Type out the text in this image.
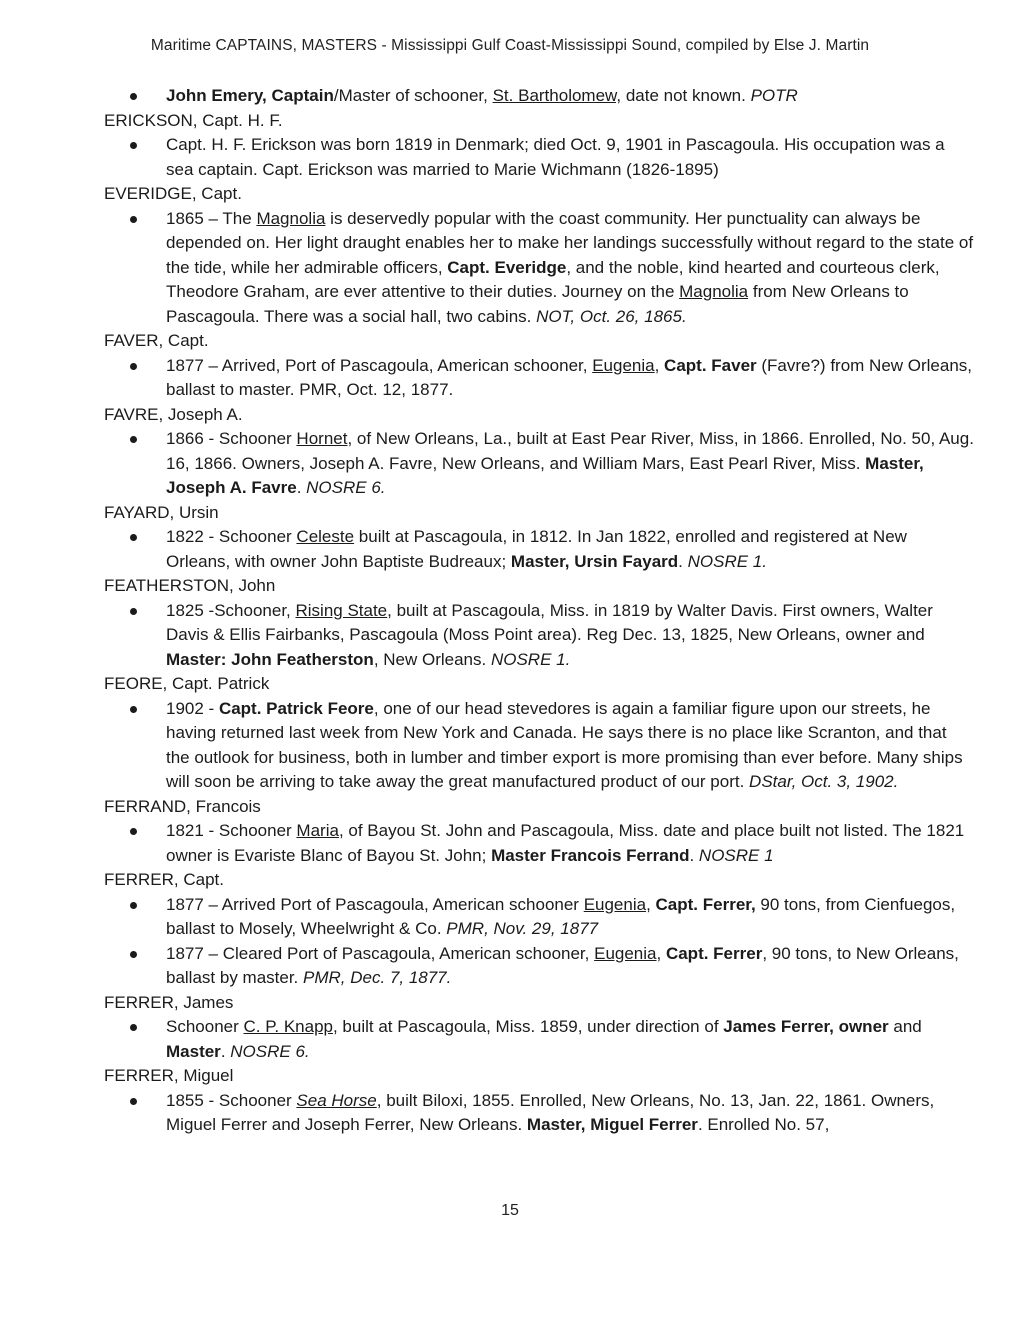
Maritime CAPTAINS, MASTERS - Mississippi Gulf Coast-Mississippi Sound, compiled by Else J. Martin
John Emery, Captain/Master of schooner, St. Bartholomew, date not known. POTR
ERICKSON, Capt. H. F.
Capt. H. F. Erickson was born 1819 in Denmark; died Oct. 9, 1901 in Pascagoula. His occupation was a sea captain. Capt. Erickson was married to Marie Wichmann (1826-1895)
EVERIDGE, Capt.
1865 – The Magnolia is deservedly popular with the coast community. Her punctuality can always be depended on. Her light draught enables her to make her landings successfully without regard to the state of the tide, while her admirable officers, Capt. Everidge, and the noble, kind hearted and courteous clerk, Theodore Graham, are ever attentive to their duties. Journey on the Magnolia from New Orleans to Pascagoula. There was a social hall, two cabins. NOT, Oct. 26, 1865.
FAVER, Capt.
1877 – Arrived, Port of Pascagoula, American schooner, Eugenia, Capt. Faver (Favre?) from New Orleans, ballast to master. PMR, Oct. 12, 1877.
FAVRE, Joseph A.
1866 - Schooner Hornet, of New Orleans, La., built at East Pear River, Miss, in 1866. Enrolled, No. 50, Aug. 16, 1866. Owners, Joseph A. Favre, New Orleans, and William Mars, East Pearl River, Miss. Master, Joseph A. Favre. NOSRE 6.
FAYARD, Ursin
1822 - Schooner Celeste built at Pascagoula, in 1812. In Jan 1822, enrolled and registered at New Orleans, with owner John Baptiste Budreaux; Master, Ursin Fayard. NOSRE 1.
FEATHERSTON, John
1825 -Schooner, Rising State, built at Pascagoula, Miss. in 1819 by Walter Davis. First owners, Walter Davis & Ellis Fairbanks, Pascagoula (Moss Point area). Reg Dec. 13, 1825, New Orleans, owner and Master: John Featherston, New Orleans. NOSRE 1.
FEORE, Capt. Patrick
1902 - Capt. Patrick Feore, one of our head stevedores is again a familiar figure upon our streets, he having returned last week from New York and Canada. He says there is no place like Scranton, and that the outlook for business, both in lumber and timber export is more promising than ever before. Many ships will soon be arriving to take away the great manufactured product of our port. DStar, Oct. 3, 1902.
FERRAND, Francois
1821 - Schooner Maria, of Bayou St. John and Pascagoula, Miss. date and place built not listed. The 1821 owner is Evariste Blanc of Bayou St. John; Master Francois Ferrand. NOSRE 1
FERRER, Capt.
1877 – Arrived Port of Pascagoula, American schooner Eugenia, Capt. Ferrer, 90 tons, from Cienfuegos, ballast to Mosely, Wheelwright & Co. PMR, Nov. 29, 1877
1877 – Cleared Port of Pascagoula, American schooner, Eugenia, Capt. Ferrer, 90 tons, to New Orleans, ballast by master. PMR, Dec. 7, 1877.
FERRER, James
Schooner C. P. Knapp, built at Pascagoula, Miss. 1859, under direction of James Ferrer, owner and Master. NOSRE 6.
FERRER, Miguel
1855 - Schooner Sea Horse, built Biloxi, 1855. Enrolled, New Orleans, No. 13, Jan. 22, 1861. Owners, Miguel Ferrer and Joseph Ferrer, New Orleans. Master, Miguel Ferrer. Enrolled No. 57,
15
